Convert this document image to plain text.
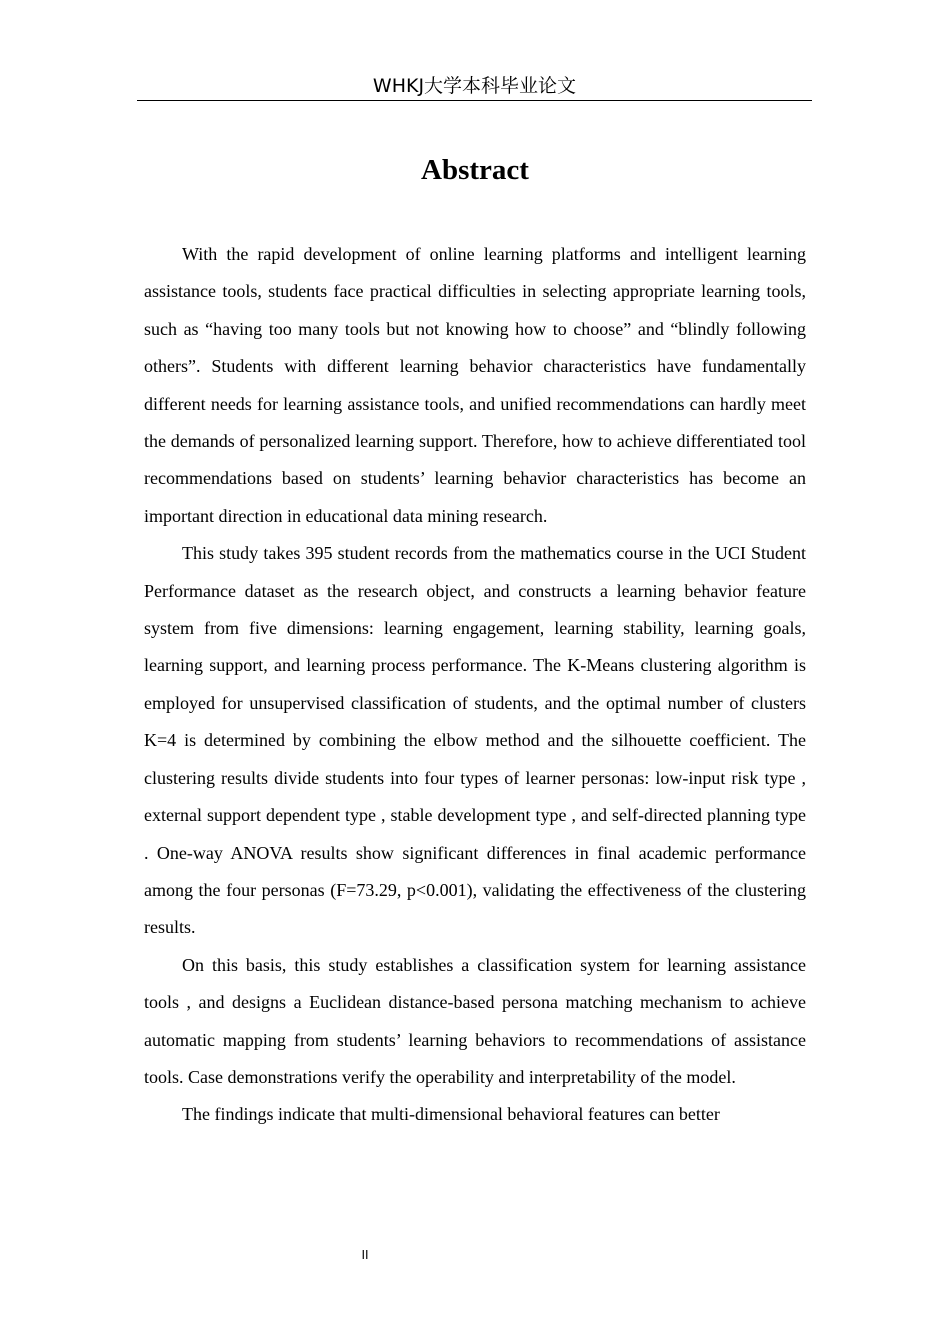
WHKJ大学本科毕业论文
Abstract

With the rapid development of online learning platforms and intelligent learning assistance tools, students face practical difficulties in selecting appropriate learning tools, such as “having too many tools but not knowing how to choose” and “blindly following others”. Students with different learning behavior characteristics have fundamentally different needs for learning assistance tools, and unified recommendations can hardly meet the demands of personalized learning support. Therefore, how to achieve differentiated tool recommendations based on students’ learning behavior characteristics has become an important direction in educational data mining research.

This study takes 395 student records from the mathematics course in the UCI Student Performance dataset as the research object, and constructs a learning behavior feature system from five dimensions: learning engagement, learning stability, learning goals, learning support, and learning process performance. The K-Means clustering algorithm is employed for unsupervised classification of students, and the optimal number of clusters K=4 is determined by combining the elbow method and the silhouette coefficient. The clustering results divide students into four types of learner personas: low-input risk type , external support dependent type , stable development type , and self-directed planning type . One-way ANOVA results show significant differences in final academic performance among the four personas (F=73.29, p<0.001), validating the effectiveness of the clustering results.

On this basis, this study establishes a classification system for learning assistance tools , and designs a Euclidean distance-based persona matching mechanism to achieve automatic mapping from students’ learning behaviors to recommendations of assistance tools. Case demonstrations verify the operability and interpretability of the model.

The findings indicate that multi-dimensional behavioral features can better

II
